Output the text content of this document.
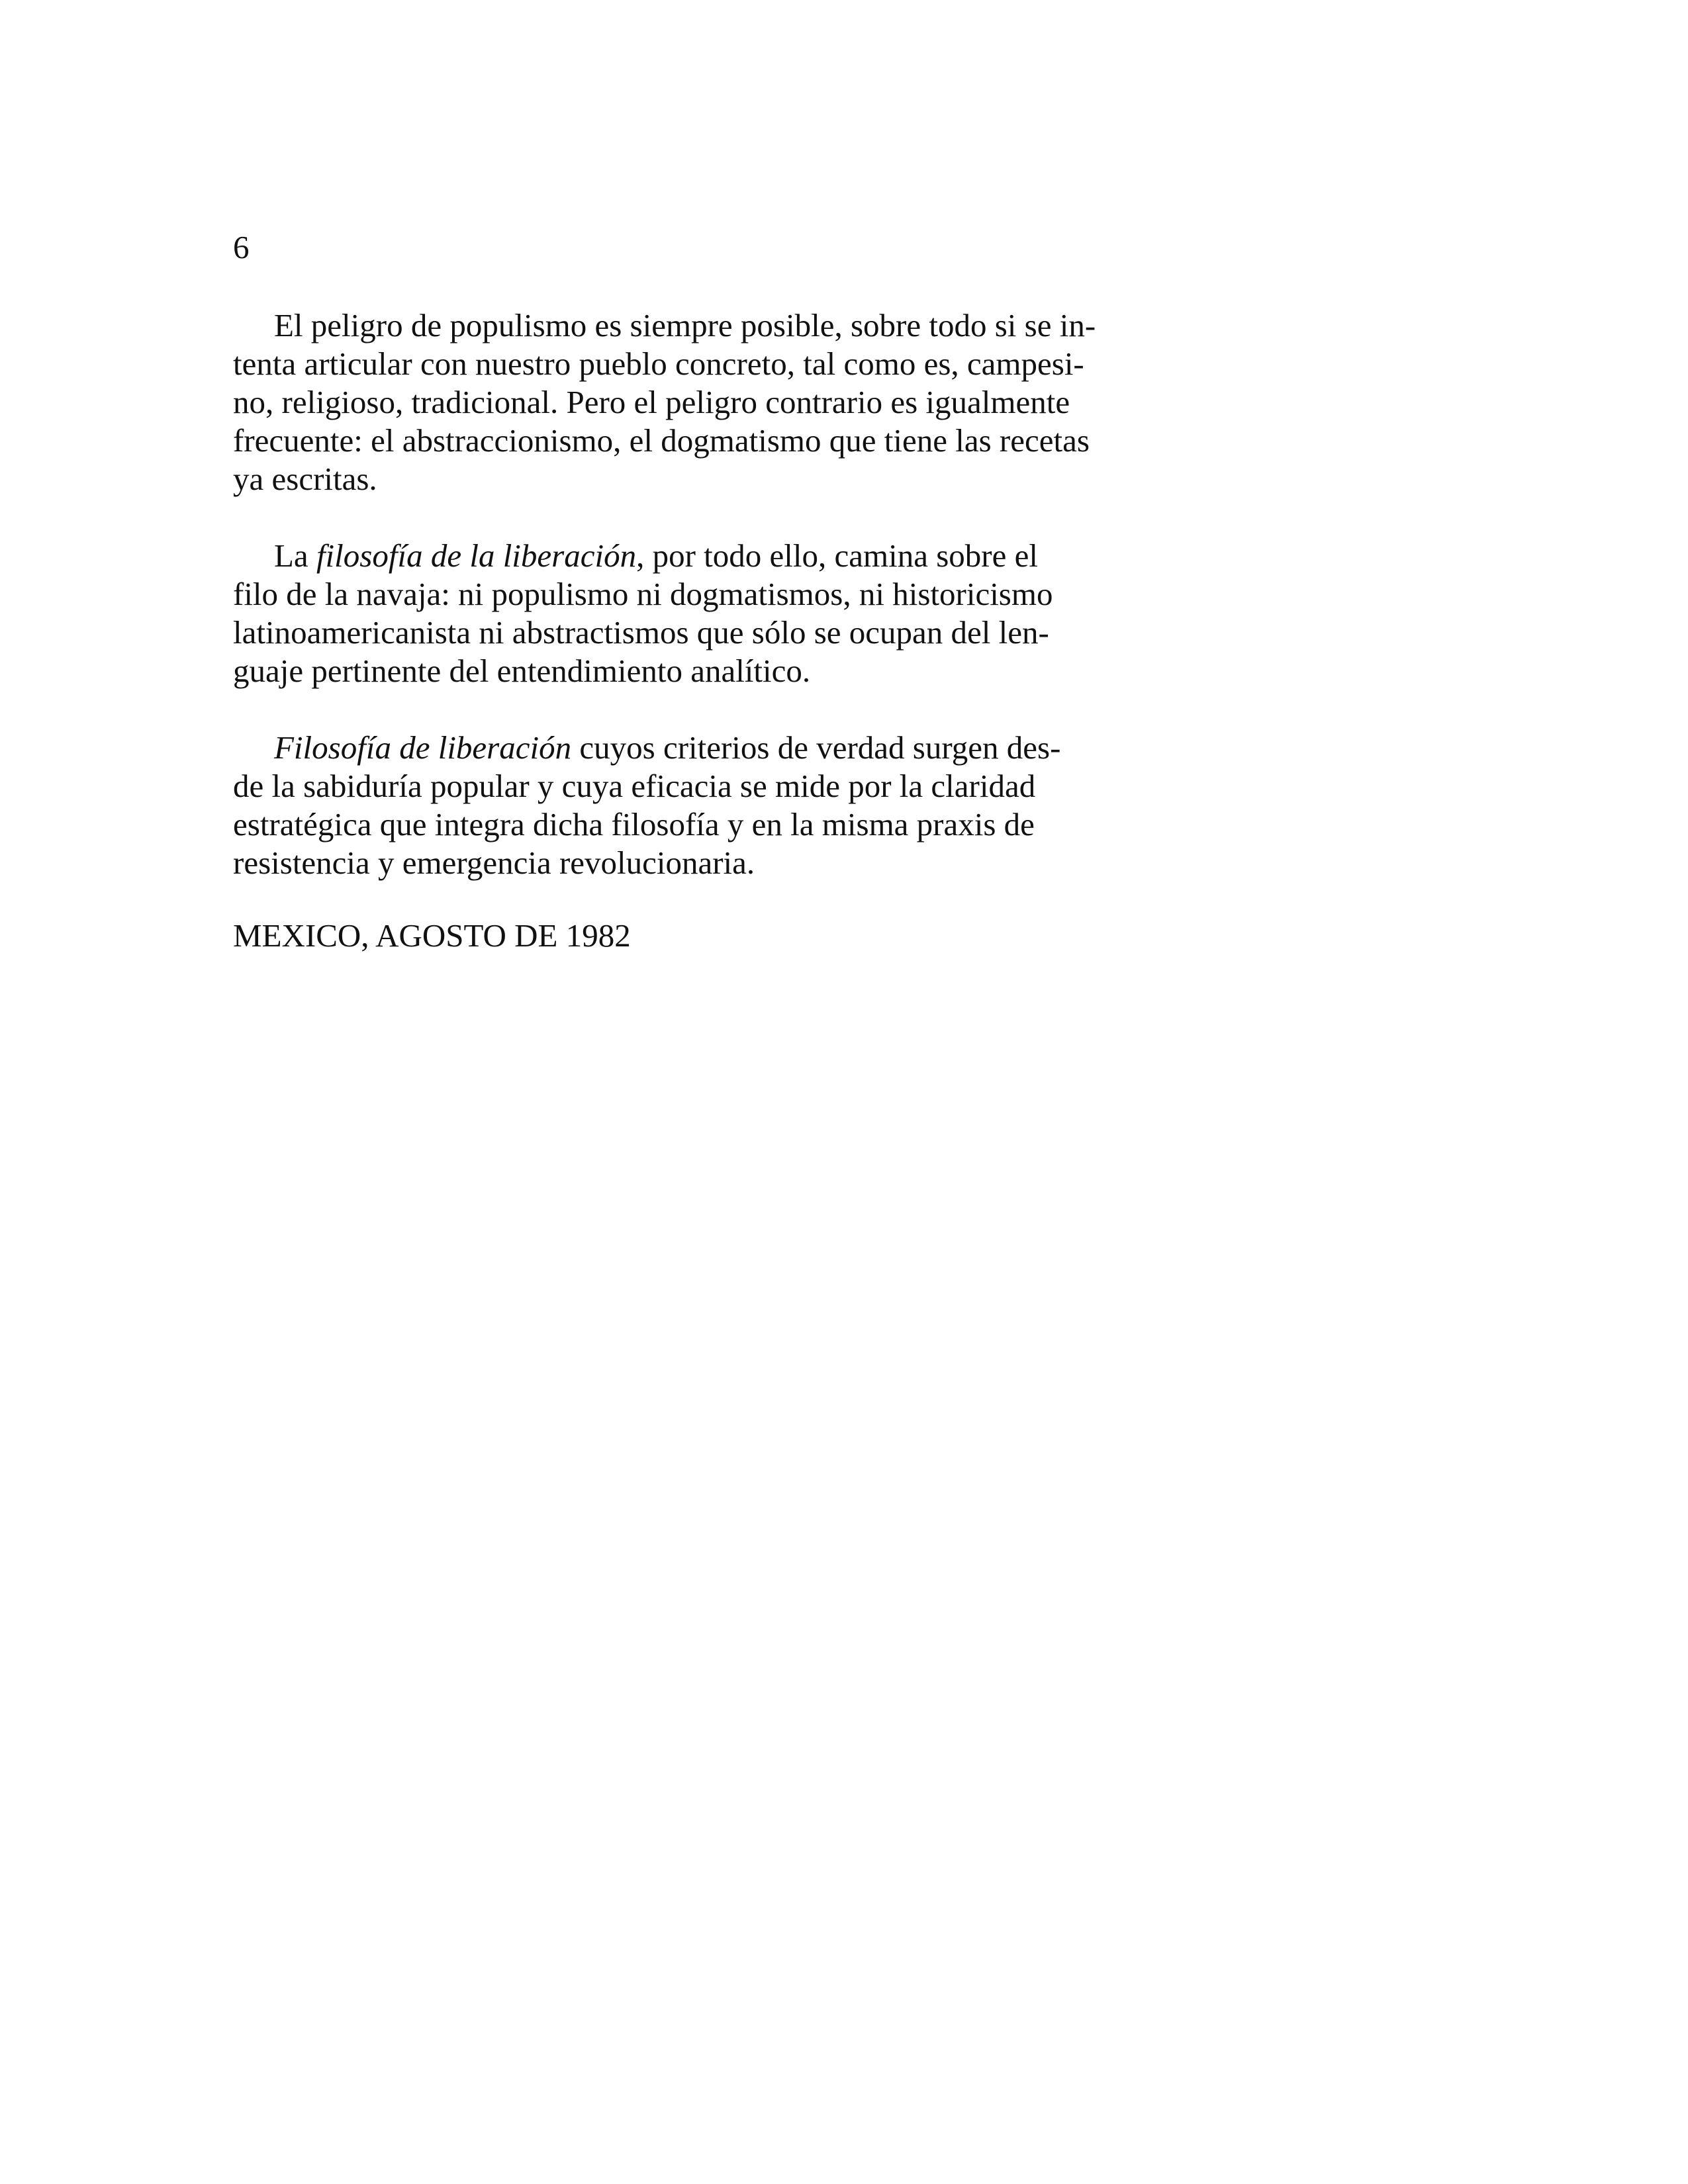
6

El peligro de populismo es siempre posible, sobre todo si se in-
tenta articular con nuestro pueblo concreto, tal como es, campesi-
no, religioso, tradicional. Pero el peligro contrario es igualmente
frecuente: el abstraccionismo, el dogmatismo que tiene las recetas
ya escritas.

La filosofía de la liberación, por todo ello, camina sobre el
filo de la navaja: ni populismo ni dogmatismos, ni historicismo
latinoamericanista ni abstractismos que sólo se ocupan del len-
guaje pertinente del entendimiento analítico.

Filosofía de liberación cuyos criterios de verdad surgen des-
de la sabiduría popular y cuya eficacia se mide por la claridad
estratégica que integra dicha filosofía y en la misma praxis de
resistencia y emergencia revolucionaria.

MEXICO, AGOSTO DE 1982
